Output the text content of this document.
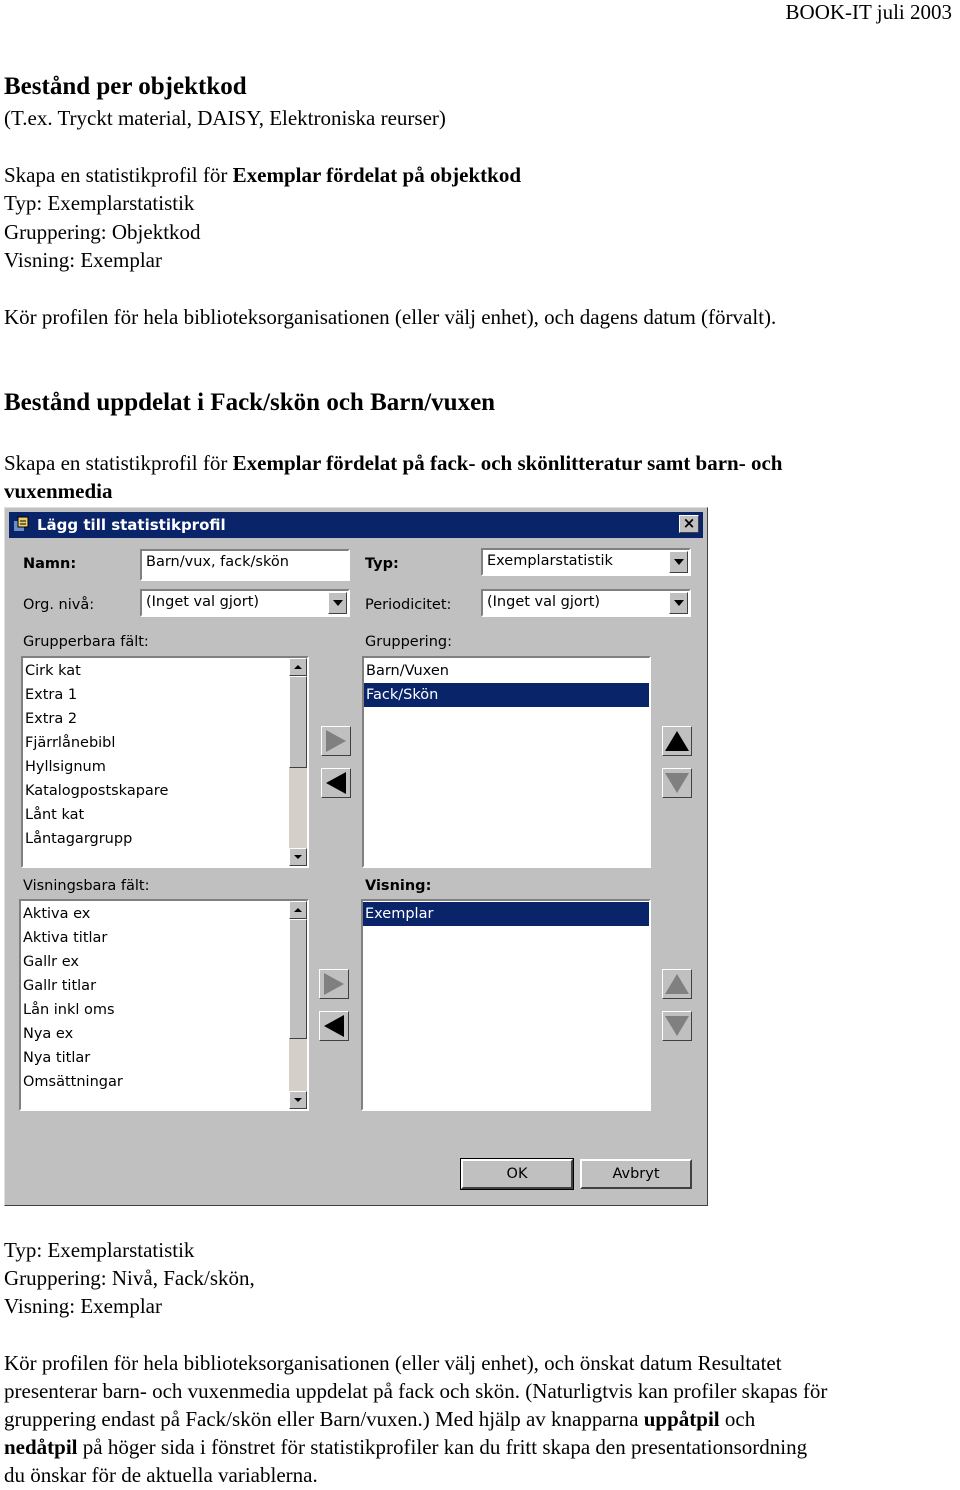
BOOK-IT juli 2003
Bestånd per objektkod
(T.ex. Tryckt material, DAISY, Elektroniska reurser)
Skapa en statistikprofil för Exemplar fördelat på objektkod
Typ: Exemplarstatistik
Gruppering: Objektkod
Visning: Exemplar
Kör profilen för hela biblioteksorganisationen (eller välj enhet), och dagens datum (förvalt).
Bestånd uppdelat i Fack/skön och Barn/vuxen
Skapa en statistikprofil för Exemplar fördelat på fack- och skönlitteratur samt barn- och
vuxenmedia
Lägg till statistikprofil	×
Namn:	Barn/vux, fack/skön	Typ:	Exemplarstatistik
Org. nivå:	(Inget val gjort)	Periodicitet:	(Inget val gjort)
Grupperbara fält:
Cirk kat
Extra 1
Extra 2
Fjärrlånebibl
Hyllsignum
Katalogpostskapare
Lånt kat
Låntagargrupp
Gruppering:
Barn/Vuxen
Fack/Skön
Visningsbara fält:
Aktiva ex
Aktiva titlar
Gallr ex
Gallr titlar
Lån inkl oms
Nya ex
Nya titlar
Omsättningar
Visning:
Exemplar
OK	Avbryt
Typ: Exemplarstatistik
Gruppering: Nivå, Fack/skön,
Visning: Exemplar
Kör profilen för hela biblioteksorganisationen (eller välj enhet), och önskat datum Resultatet
presenterar barn- och vuxenmedia uppdelat på fack och skön. (Naturligtvis kan profiler skapas för
gruppering endast på Fack/skön eller Barn/vuxen.) Med hjälp av knapparna uppåtpil och
nedåtpil på höger sida i fönstret för statistikprofiler kan du fritt skapa den presentationsordning
du önskar för de aktuella variablerna.
